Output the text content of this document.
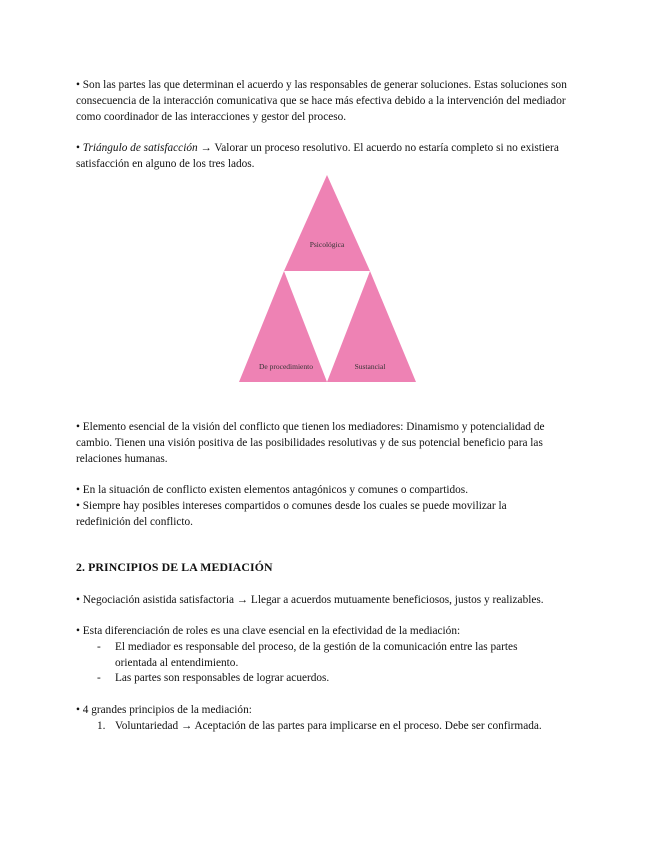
• Son las partes las que determinan el acuerdo y las responsables de generar soluciones. Estas soluciones son consecuencia de la interacción comunicativa que se hace más efectiva debido a la intervención del mediador como coordinador de las interacciones y gestor del proceso.

• Triángulo de satisfacción → Valorar un proceso resolutivo. El acuerdo no estaría completo si no existiera satisfacción en alguno de los tres lados.

Psicológica
De procedimiento	Sustancial

• Elemento esencial de la visión del conflicto que tienen los mediadores: Dinamismo y potencialidad de cambio. Tienen una visión positiva de las posibilidades resolutivas y de sus potencial beneficio para las relaciones humanas.

• En la situación de conflicto existen elementos antagónicos y comunes o compartidos.

• Siempre hay posibles intereses compartidos o comunes desde los cuales se puede movilizar la redefinición del conflicto.

2. PRINCIPIOS DE LA MEDIACIÓN

• Negociación asistida satisfactoria → Llegar a acuerdos mutuamente beneficiosos, justos y realizables.

• Esta diferenciación de roles es una clave esencial en la efectividad de la mediación:

- El mediador es responsable del proceso, de la gestión de la comunicación entre las partes orientada al entendimiento.

- Las partes son responsables de lograr acuerdos.

• 4 grandes principios de la mediación:

1. Voluntariedad → Aceptación de las partes para implicarse en el proceso. Debe ser confirmada.
